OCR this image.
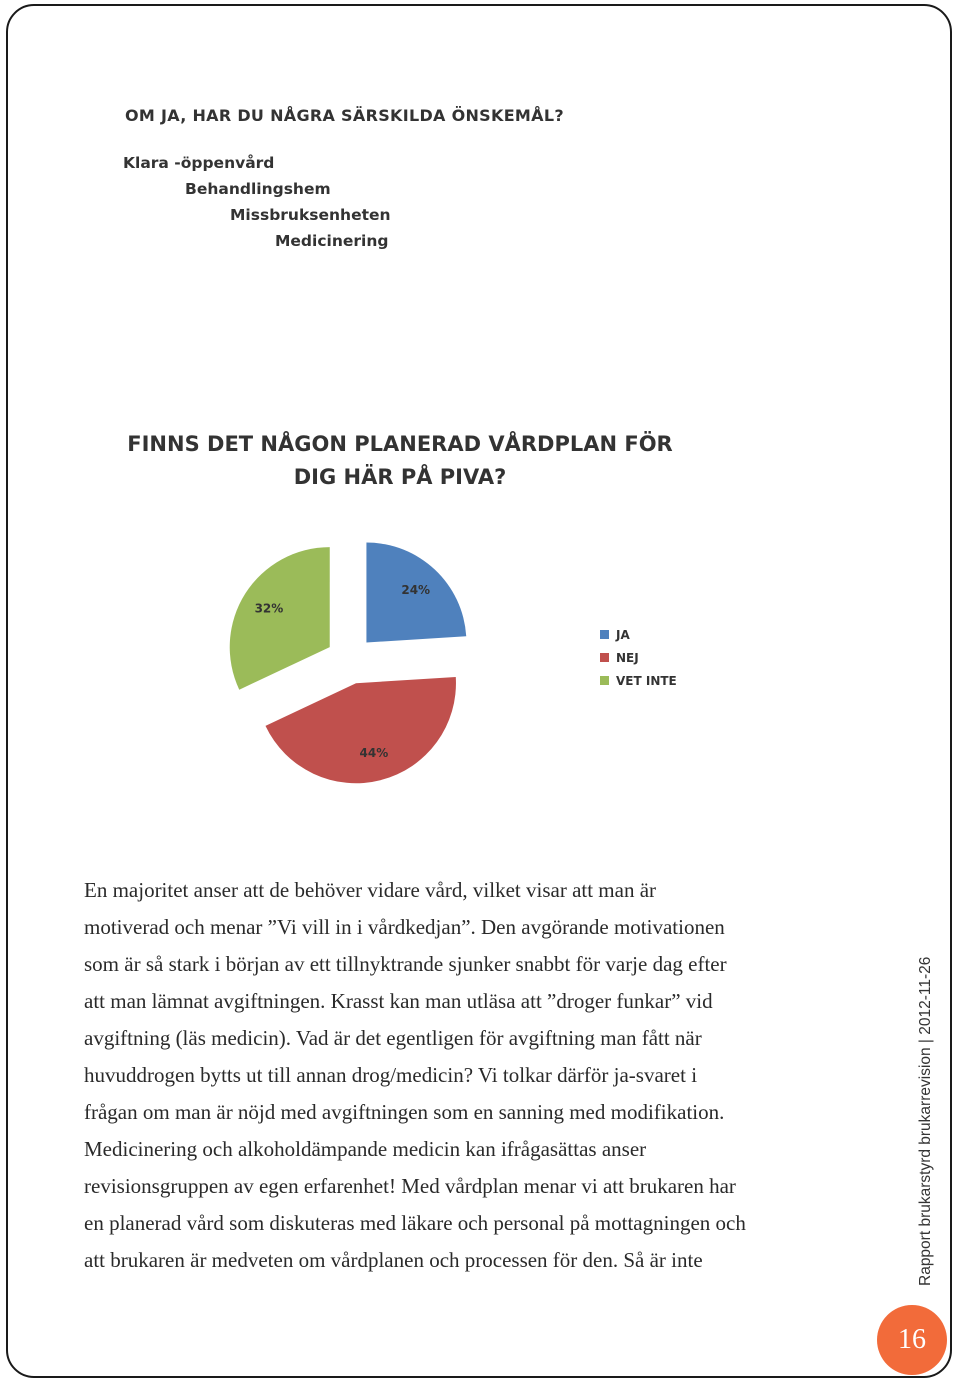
OM JA, HAR DU NÅGRA SÄRSKILDA ÖNSKEMÅL?
Klara -öppenvård
Behandlingshem
Missbruksenheten
Medicinering
FINNS DET NÅGON PLANERAD VÅRDPLAN FÖR
DIG HÄR PÅ PIVA?
24%
44%
32%
JA
NEJ
VET INTE

En majoritet anser att de behöver vidare vård, vilket visar att man är
motiverad och menar ”Vi vill in i vårdkedjan”. Den avgörande motivationen
som är så stark i början av ett tillnyktrande sjunker snabbt för varje dag efter
att man lämnat avgiftningen. Krasst kan man utläsa att ”droger funkar” vid
avgiftning (läs medicin). Vad är det egentligen för avgiftning man fått när
huvuddrogen bytts ut till annan drog/medicin? Vi tolkar därför ja-svaret i
frågan om man är nöjd med avgiftningen som en sanning med modifikation.
Medicinering och alkoholdämpande medicin kan ifrågasättas anser
revisionsgruppen av egen erfarenhet! Med vårdplan menar vi att brukaren har
en planerad vård som diskuteras med läkare och personal på mottagningen och
att brukaren är medveten om vårdplanen och processen för den. Så är inte	Rapport brukarstyrd brukarrevision | 2012-11-26
16
